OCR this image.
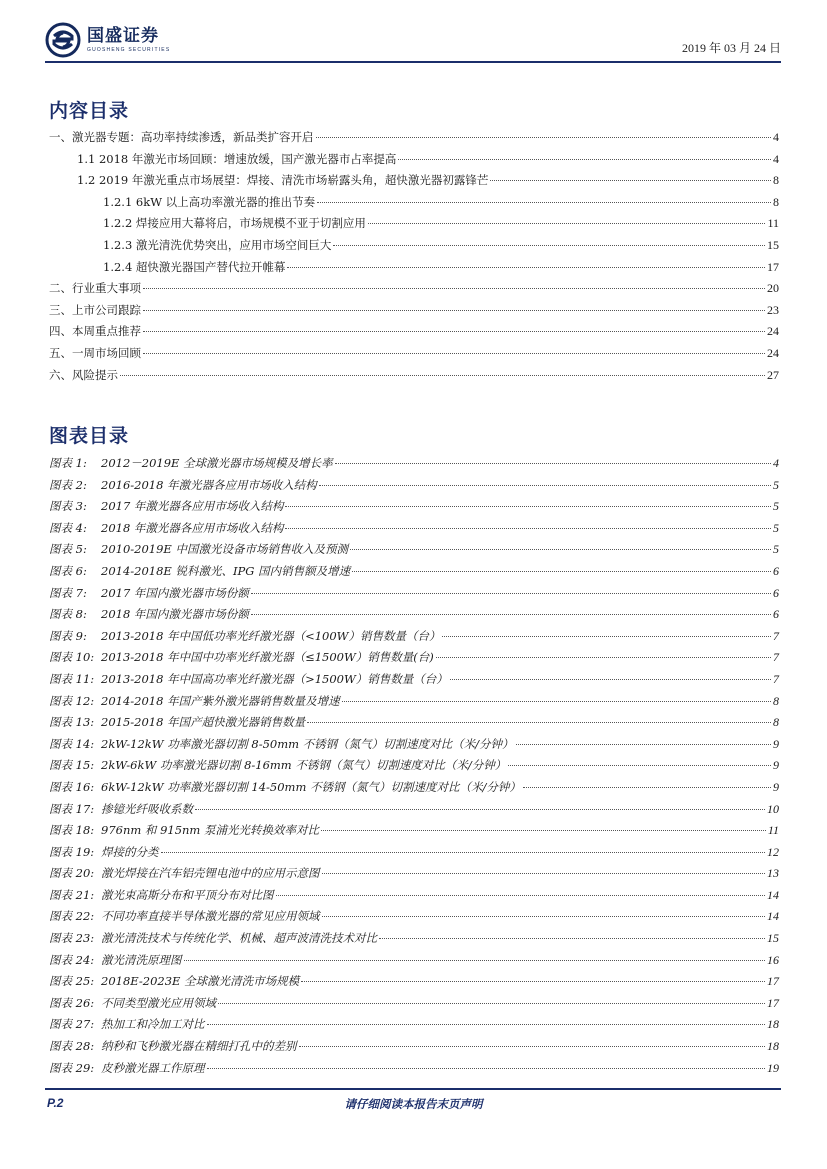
国盛证券
GUOSHENG SECURITIES	2019 年 03 月 24 日
内容目录
一、激光器专题：高功率持续渗透，新品类扩容开启	4
1.1 2018 年激光市场回顾：增速放缓，国产激光器市占率提高	4
1.2 2019 年激光重点市场展望：焊接、清洗市场崭露头角，超快激光器初露锋芒	8
1.2.1 6kW 以上高功率激光器的推出节奏	8
1.2.2 焊接应用大幕将启，市场规模不亚于切割应用	11
1.2.3 激光清洗优势突出，应用市场空间巨大	15
1.2.4 超快激光器国产替代拉开帷幕	17
二、行业重大事项	20
三、上市公司跟踪	23
四、本周重点推荐	24
五、一周市场回顾	24
六、风险提示	27
图表目录
图表 1: 2012－2019E 全球激光器市场规模及增长率	4
图表 2: 2016-2018 年激光器各应用市场收入结构	5
图表 3: 2017 年激光器各应用市场收入结构	5
图表 4: 2018 年激光器各应用市场收入结构	5
图表 5: 2010-2019E 中国激光设备市场销售收入及预测	5
图表 6: 2014-2018E 锐科激光、IPG 国内销售额及增速	6
图表 7: 2017 年国内激光器市场份额	6
图表 8: 2018 年国内激光器市场份额	6
图表 9: 2013-2018 年中国低功率光纤激光器（<100W）销售数量（台）	7
图表 10: 2013-2018 年中国中功率光纤激光器（≤1500W）销售数量(台)	7
图表 11: 2013-2018 年中国高功率光纤激光器（>1500W）销售数量（台）	7
图表 12: 2014-2018 年国产紫外激光器销售数量及增速	8
图表 13: 2015-2018 年国产超快激光器销售数量	8
图表 14: 2kW-12kW 功率激光器切割 8-50mm 不锈钢（氮气）切割速度对比（米/分钟）	9
图表 15: 2kW-6kW 功率激光器切割 8-16mm 不锈钢（氮气）切割速度对比（米/分钟）	9
图表 16: 6kW-12kW 功率激光器切割 14-50mm 不锈钢（氮气）切割速度对比（米/分钟）	9
图表 17: 掺镱光纤吸收系数	10
图表 18: 976nm 和 915nm 泵浦光光转换效率对比	11
图表 19: 焊接的分类	12
图表 20: 激光焊接在汽车铝壳锂电池中的应用示意图	13
图表 21: 激光束高斯分布和平顶分布对比图	14
图表 22: 不同功率直接半导体激光器的常见应用领域	14
图表 23: 激光清洗技术与传统化学、机械、超声波清洗技术对比	15
图表 24: 激光清洗原理图	16
图表 25: 2018E-2023E 全球激光清洗市场规模	17
图表 26: 不同类型激光应用领域	17
图表 27: 热加工和冷加工对比	18
图表 28: 纳秒和飞秒激光器在精细打孔中的差别	18
图表 29: 皮秒激光器工作原理	19
P.2	请仔细阅读本报告末页声明
